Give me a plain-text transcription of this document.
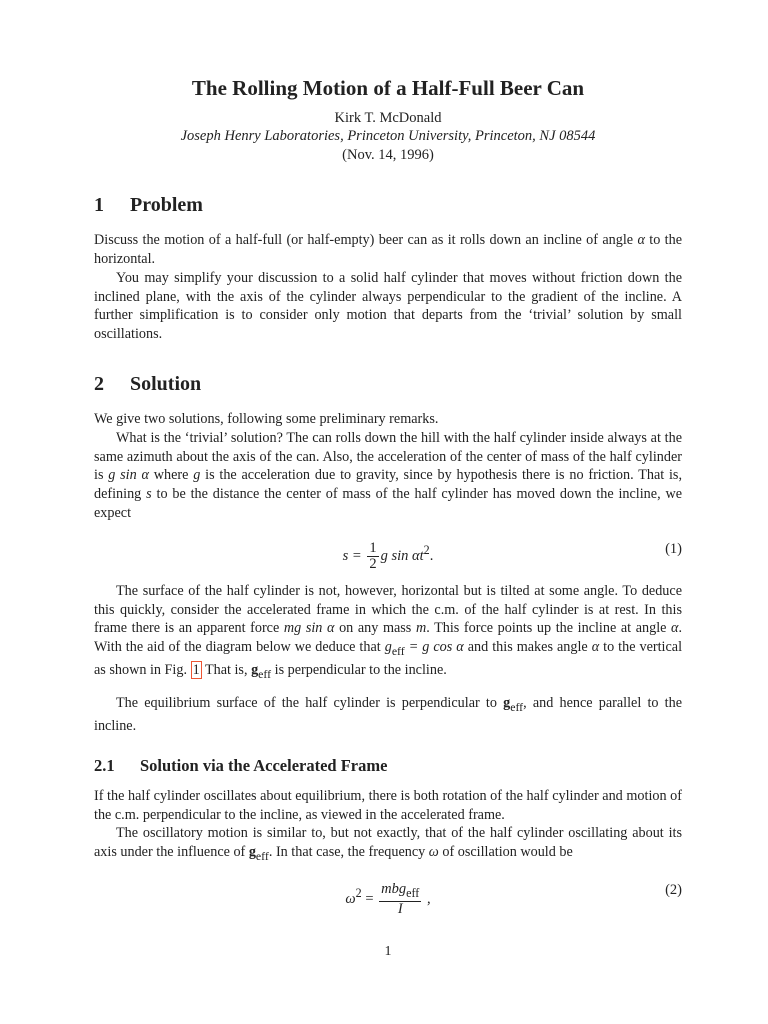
The Rolling Motion of a Half-Full Beer Can
Kirk T. McDonald
Joseph Henry Laboratories, Princeton University, Princeton, NJ 08544
(Nov. 14, 1996)
1 Problem

Discuss the motion of a half-full (or half-empty) beer can as it rolls down an incline of angle α to the horizontal.

You may simplify your discussion to a solid half cylinder that moves without friction down the inclined plane, with the axis of the cylinder always perpendicular to the gradient of the incline. A further simplification is to consider only motion that departs from the ‘trivial’ solution by small oscillations.

2 Solution

We give two solutions, following some preliminary remarks.

What is the ‘trivial’ solution? The can rolls down the hill with the half cylinder inside always at the same azimuth about the axis of the can. Also, the acceleration of the center of mass of the half cylinder is g sin α where g is the acceleration due to gravity, since by hypothesis there is no friction. That is, defining s to be the distance the center of mass of the half cylinder has moved down the incline, we expect

$s = \frac{1}{2}$ g $\sin \alpha t^2$.	(1)

The surface of the half cylinder is not, however, horizontal but is tilted at some angle. To deduce this quickly, consider the accelerated frame in which the c.m. of the half cylinder is at rest. In this frame there is an apparent force mg sin α on any mass m. This force points up the incline at angle α. With the aid of the diagram below we deduce that $g_{eff} = g$ cos α and this makes angle α to the vertical as shown in Fig. 1 That is, $g_{eff}$ is perpendicular to the incline.

The equilibrium surface of the half cylinder is perpendicular to $g_{eff}$, and hence parallel to the incline.

2.1 Solution via the Accelerated Frame

If the half cylinder oscillates about equilibrium, there is both rotation of the half cylinder and motion of the c.m. perpendicular to the incline, as viewed in the accelerated frame.

The oscillatory motion is similar to, but not exactly, that of the half cylinder oscillating about its axis under the influence of $g_{eff}$. In that case, the frequency ω of oscillation would be

$\omega^2 = \frac{mbg_{eff}}{I}$ ,
(2)
1
